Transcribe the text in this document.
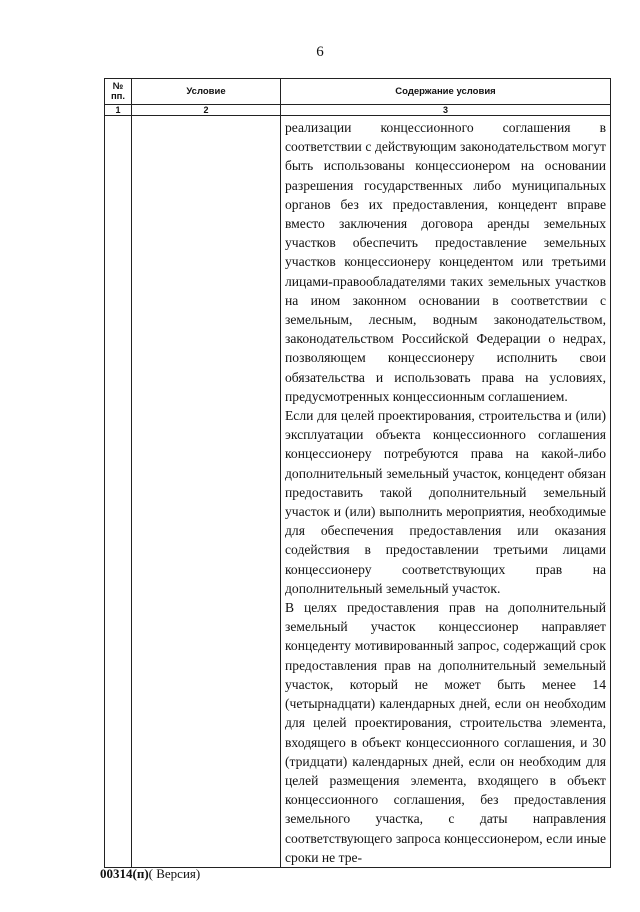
6
№ пп.	Условие	Содержание условия
1	2	3

		реализации концессионного соглашения в соответствии с действующим законодательством могут быть использованы концессионером на основании разрешения государственных либо муниципальных органов без их предоставления, концедент вправе вместо заключения договора аренды земельных участков обеспечить предоставление земельных участков концессионеру концедентом или третьими лицами-правообладателями таких земельных участков на ином законном основании в соответствии с земельным, лесным, водным законодательством, законодательством Российской Федерации о недрах, позволяющем концессионеру исполнить свои обязательства и использовать права на условиях, предусмотренных концессионным соглашением.

Если для целей проектирования, строительства и (или) эксплуатации объекта концессионного соглашения концессионеру потребуются права на какой-либо дополнительный земельный участок, концедент обязан предоставить такой дополнительный земельный участок и (или) выполнить мероприятия, необходимые для обеспечения предоставления или оказания содействия в предоставлении третьими лицами концессионеру соответствующих прав на дополнительный земельный участок.

В целях предоставления прав на дополнительный земельный участок концессионер направляет концеденту мотивированный запрос, содержащий срок предоставления прав на дополнительный земельный участок, который не может быть менее 14 (четырнадцати) календарных дней, если он необходим для целей проектирования, строительства элемента, входящего в объект концессионного соглашения, и 30 (тридцати) календарных дней, если он необходим для целей размещения элемента, входящего в объект концессионного соглашения, без предоставления земельного участка, с даты направления соответствующего запроса концессионером, если иные сроки не тре-

00314(п)( Версия)
